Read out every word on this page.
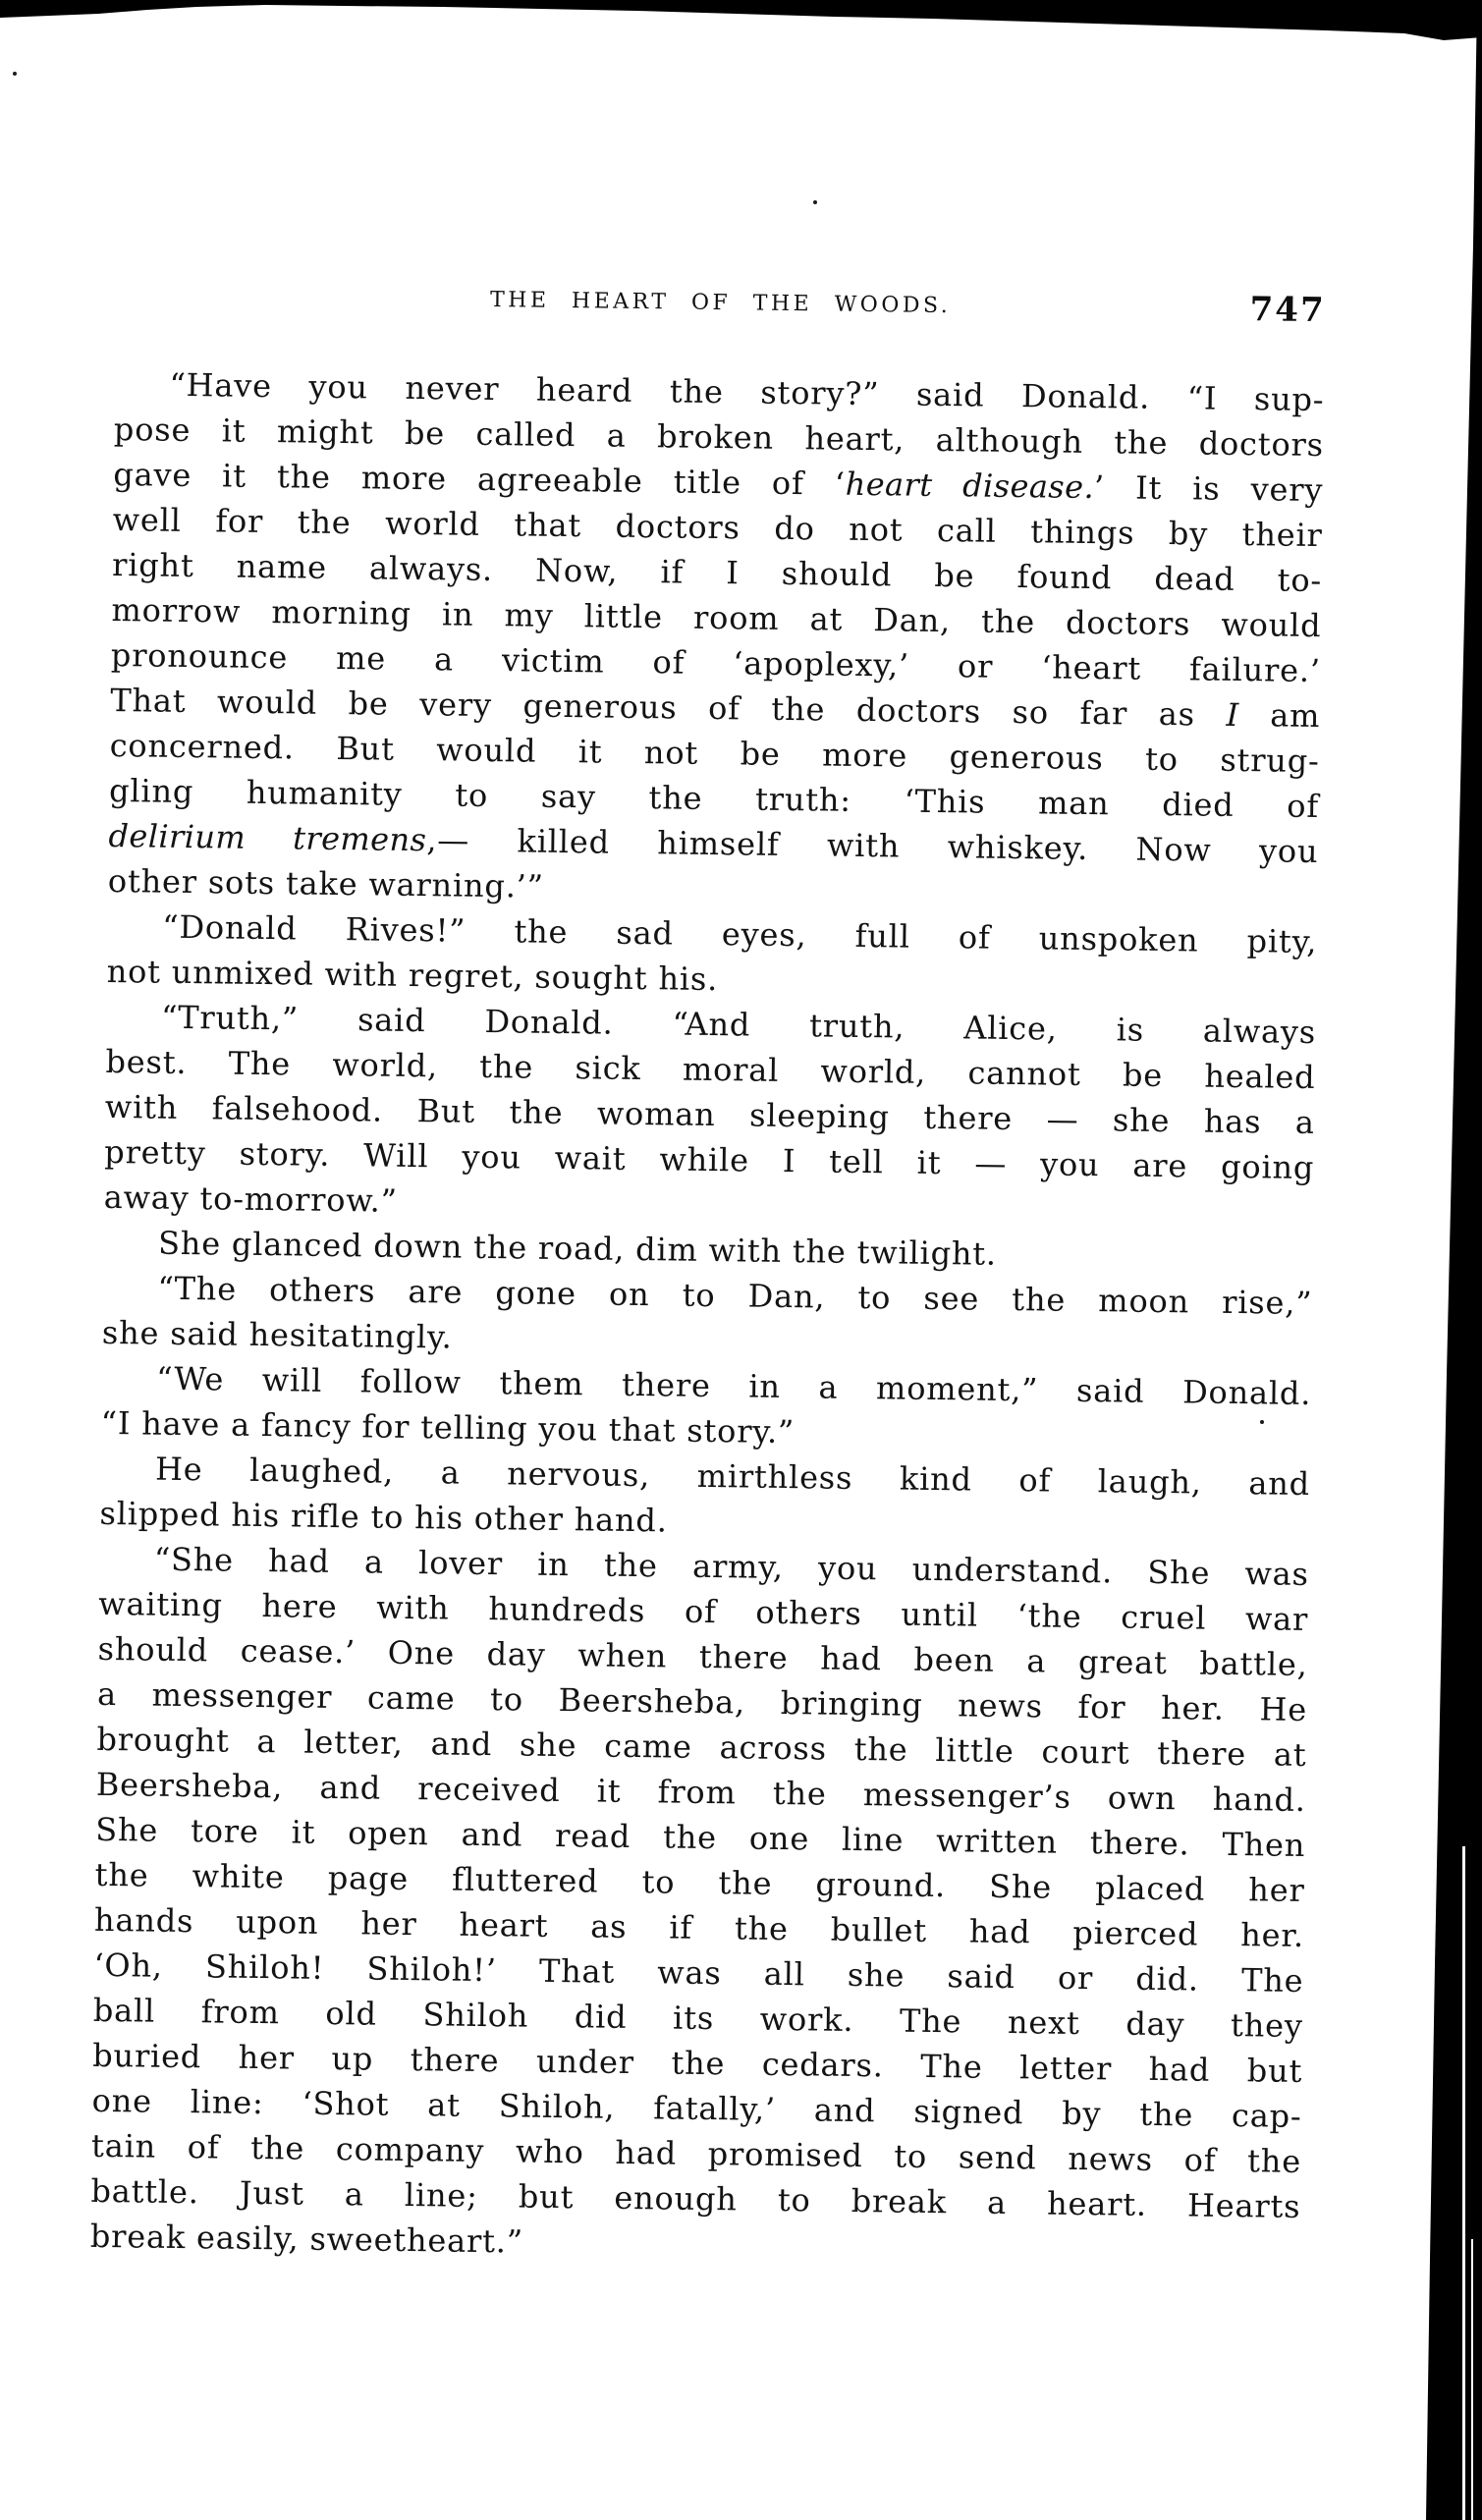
THE HEART OF THE WOODS.	747
“Have you never heard the story?” said Donald. “I sup-
pose it might be called a broken heart, although the doctors
gave it the more agreeable title of ‘heart disease.’ It is very
well for the world that doctors do not call things by their
right name always. Now, if I should be found dead to-
morrow morning in my little room at Dan, the doctors would
pronounce me a victim of ‘apoplexy,’ or ‘heart failure.’
That would be very generous of the doctors so far as I am
concerned. But would it not be more generous to strug-
gling humanity to say the truth: ‘This man died of
delirium tremens,— killed himself with whiskey. Now you
other sots take warning.’”
“Donald Rives!” the sad eyes, full of unspoken pity,
not unmixed with regret, sought his.
“Truth,” said Donald. “And truth, Alice, is always
best. The world, the sick moral world, cannot be healed
with falsehood. But the woman sleeping there — she has a
pretty story. Will you wait while I tell it — you are going
away to-morrow.”
She glanced down the road, dim with the twilight.
“The others are gone on to Dan, to see the moon rise,”
she said hesitatingly.
“We will follow them there in a moment,” said Donald.
“I have a fancy for telling you that story.”
He laughed, a nervous, mirthless kind of laugh, and
slipped his rifle to his other hand.
“She had a lover in the army, you understand. She was
waiting here with hundreds of others until ‘the cruel war
should cease.’ One day when there had been a great battle,
a messenger came to Beersheba, bringing news for her. He
brought a letter, and she came across the little court there at
Beersheba, and received it from the messenger’s own hand.
She tore it open and read the one line written there. Then
the white page fluttered to the ground. She placed her
hands upon her heart as if the bullet had pierced her.
‘Oh, Shiloh! Shiloh!’ That was all she said or did. The
ball from old Shiloh did its work. The next day they
buried her up there under the cedars. The letter had but
one line: ‘Shot at Shiloh, fatally,’ and signed by the cap-
tain of the company who had promised to send news of the
battle. Just a line; but enough to break a heart. Hearts
break easily, sweetheart.”
